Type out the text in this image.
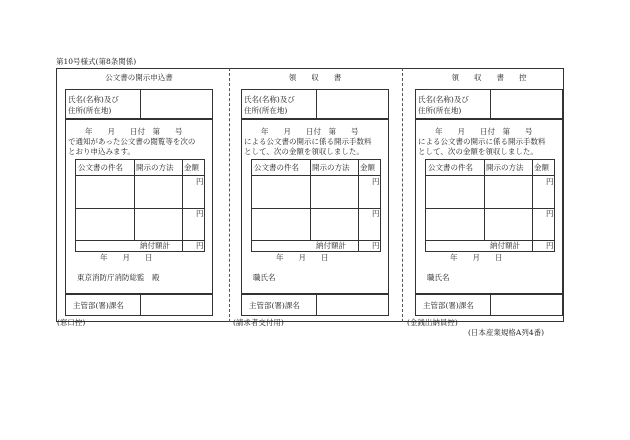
第10号様式(第8条関係)
公文書の開示申込書
氏名(名称)及び
住所(所在地)
年　　月　　日付　第　　号
で通知があった公文書の閲覧等を次の
とおり申込みます。
公文書の件名 開示の方法 金額
円
円
納付額計	円
年　　月　　日
東京消防庁消防総監　殿
主管部(署)課名
(窓口控)
領　　収　　書
氏名(名称)及び
住所(所在地)
年　　月　　日付　第　　号
による公文書の開示に係る開示手数料
として、次の金額を領収しました。
公文書の件名 開示の方法 金額
円
円
納付額計	円
年　　月　　日
職氏名
主管部(署)課名
(請求者交付用)
領　　収　　書　　控
氏名(名称)及び
住所(所在地)
年　　月　　日付　第　　号
による公文書の開示に係る開示手数料
として、次の金額を領収しました。
公文書の件名 開示の方法 金額
円
円
納付額計	円
年　　月　　日
職氏名
主管部(署)課名
(金銭出納員控)
(日本産業規格A列4番)
